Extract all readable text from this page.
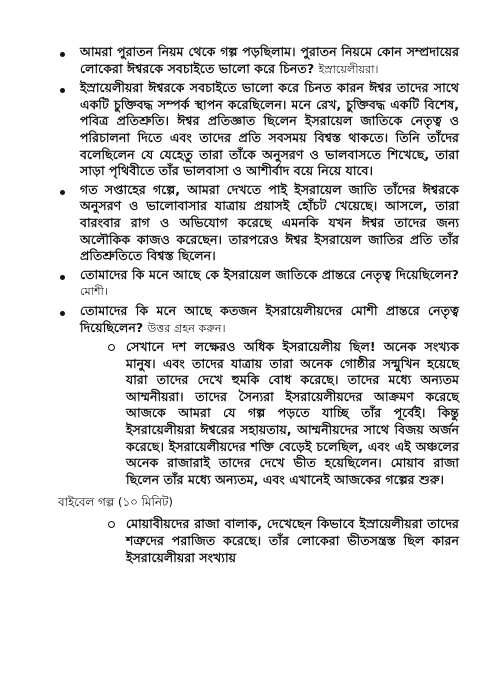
আমরা পুরাতন নিয়ম থেকে গল্প পড়ছিলাম। পুরাতন নিয়মে কোন সম্প্রদায়ের লোকেরা ঈশ্বরকে সবচাইতে ভালো করে চিনত? ইস্রায়েলীয়রা।
ইস্রায়েলীয়রা ঈশ্বরকে সবচাইতে ভালো করে চিনত কারন ঈশ্বর তাদের সাথে একটি চুক্তিবদ্ধ সম্পর্ক স্থাপন করেছিলেন। মনে রেখ, চুক্তিবদ্ধ একটি বিশেষ, পবিত্র প্রতিশ্রুতি। ঈশ্বর প্রতিজ্ঞাত ছিলেন ইসরায়েল জাতিকে নেতৃত্ব ও পরিচালনা দিতে এবং তাদের প্রতি সবসময় বিশ্বস্ত থাকতে। তিনি তাঁদের বলেছিলেন যে যেহেতু তারা তাঁকে অনুসরণ ও ভালবাসতে শিখেছে, তারা সাড়া পৃথিবীতে তাঁর ভালবাসা ও আশীর্বাদ বয়ে নিয়ে যাবে।
গত সপ্তাহের গল্পে, আমরা দেখতে পাই ইসরায়েল জাতি তাঁদের ঈশ্বরকে অনুসরণ ও ভালোবাসার যাত্রায় প্রয়াসই হোঁচট খেয়েছে। আসলে, তারা বারংবার রাগ ও অভিযোগ করেছে এমনকি যখন ঈশ্বর তাদের জন্য অলৌকিক কাজও করেছেন। তারপরেও ঈশ্বর ইসরায়েল জাতির প্রতি তাঁর প্রতিশ্রুতিতে বিশ্বস্ত ছিলেন।
তোমাদের কি মনে আছে কে ইসরায়েল জাতিকে প্রান্তরে নেতৃত্ব দিয়েছিলেন? মোশী।
তোমাদের কি মনে আছে কতজন ইসরায়েলীয়দের মোশী প্রান্তরে নেতৃত্ব দিয়েছিলেন? উত্তর গ্রহন করুন।
সেখানে দশ লক্ষেরও অধিক ইসরায়েলীয় ছিল! অনেক সংখ্যক মানুষ। এবং তাদের যাত্রায় তারা অনেক গোষ্ঠীর সন্মুখিন হয়েছে যারা তাদের দেখে হুমকি বোধ করেছে। তাদের মধ্যে অন্যতম আম্মনীয়রা। তাদের সৈন্যরা ইসরায়েলীয়দের আক্রমণ করেছে আজকে আমরা যে গল্প পড়তে যাচ্ছি তাঁর পূর্বেই। কিন্তু ইসরায়েলীয়রা ঈশ্বরের সহায়তায়, আম্মনীয়দের সাথে বিজয় অর্জন করেছে। ইসরায়েলীয়দের শক্তি বেড়েই চলেছিল, এবং এই অঞ্চলের অনেক রাজারাই তাদের দেখে ভীত হয়েছিলেন। মোয়াব রাজা ছিলেন তাঁর মধ্যে অন্যতম, এবং এখানেই আজকের গল্পের শুরু।
বাইবেল গল্প (১০ মিনিট)
মোয়াবীয়দের রাজা বালাক, দেখেছেন কিভাবে ইস্রায়েলীয়রা তাদের শত্রুদের পরাজিত করেছে। তাঁর লোকেরা ভীতসন্ত্রস্ত ছিল কারন ইসরায়েলীয়রা সংখ্যায়
